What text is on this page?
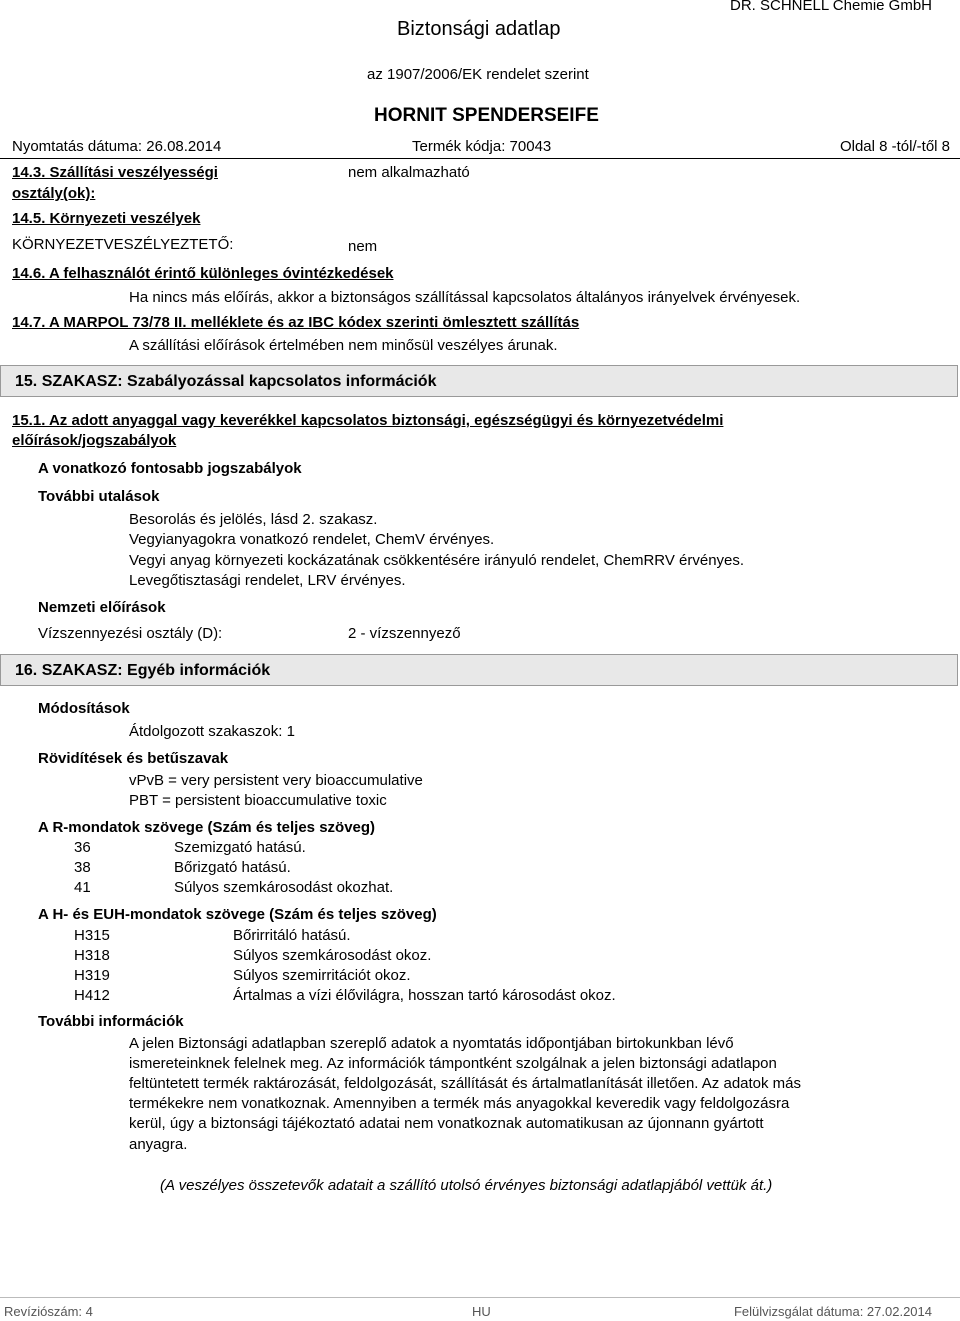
Biztonsági adatlap
DR. SCHNELL Chemie GmbH
az 1907/2006/EK rendelet szerint
HORNIT SPENDERSEIFE
Nyomtatás dátuma: 26.08.2014	Termék kódja: 70043	Oldal 8 -tól/-től 8
14.3. Szállítási veszélyességi
osztály(ok):
nem alkalmazható
14.5. Környezeti veszélyek
KÖRNYEZETVESZÉLYEZTETŐ:	nem
14.6. A felhasználót érintő különleges óvintézkedések
Ha nincs más előírás, akkor a biztonságos szállítással kapcsolatos általányos irányelvek érvényesek.
14.7. A MARPOL 73/78 II. melléklete és az IBC kódex szerinti ömlesztett szállítás
A szállítási előírások értelmében nem minősül veszélyes árunak.
15. SZAKASZ: Szabályozással kapcsolatos információk
15.1. Az adott anyaggal vagy keverékkel kapcsolatos biztonsági, egészségügyi és környezetvédelmi
előírások/jogszabályok
A vonatkozó fontosabb jogszabályok
További utalások
Besorolás és jelölés, lásd 2. szakasz.
Vegyianyagokra vonatkozó rendelet, ChemV érvényes.
Vegyi anyag környezeti kockázatának csökkentésére irányuló rendelet, ChemRRV érvényes.
Levegőtisztasági rendelet, LRV érvényes.
Nemzeti előírások
Vízszennyezési osztály (D):	2 - vízszennyező
16. SZAKASZ: Egyéb információk
Módosítások
Átdolgozott szakaszok: 1
Rövidítések és betűszavak
vPvB = very persistent very bioaccumulative
PBT = persistent bioaccumulative toxic
A R-mondatok szövege (Szám és teljes szöveg)
36	Szemizgató hatású.
38	Bőrizgató hatású.
41	Súlyos szemkárosodást okozhat.
A H- és EUH-mondatok szövege (Szám és teljes szöveg)
H315	Bőrirritáló hatású.
H318	Súlyos szemkárosodást okoz.
H319	Súlyos szemirritációt okoz.
H412	Ártalmas a vízi élővilágra, hosszan tartó károsodást okoz.
További információk
A jelen Biztonsági adatlapban szereplő adatok a nyomtatás időpontjában birtokunkban lévő
ismereteinknek felelnek meg. Az információk támpontként szolgálnak a jelen biztonsági adatlapon
feltüntetett termék raktározását, feldolgozását, szállítását és ártalmatlanítását illetően. Az adatok más
termékekre nem vonatkoznak. Amennyiben a termék más anyagokkal keveredik vagy feldolgozásra
kerül, úgy a biztonsági tájékoztató adatai nem vonatkoznak automatikusan az újonnann gyártott
anyagra.
(A veszélyes összetevők adatait a szállító utolsó érvényes biztonsági adatlapjából vettük át.)
Revíziószám: 4	HU	Felülvizsgálat dátuma: 27.02.2014
